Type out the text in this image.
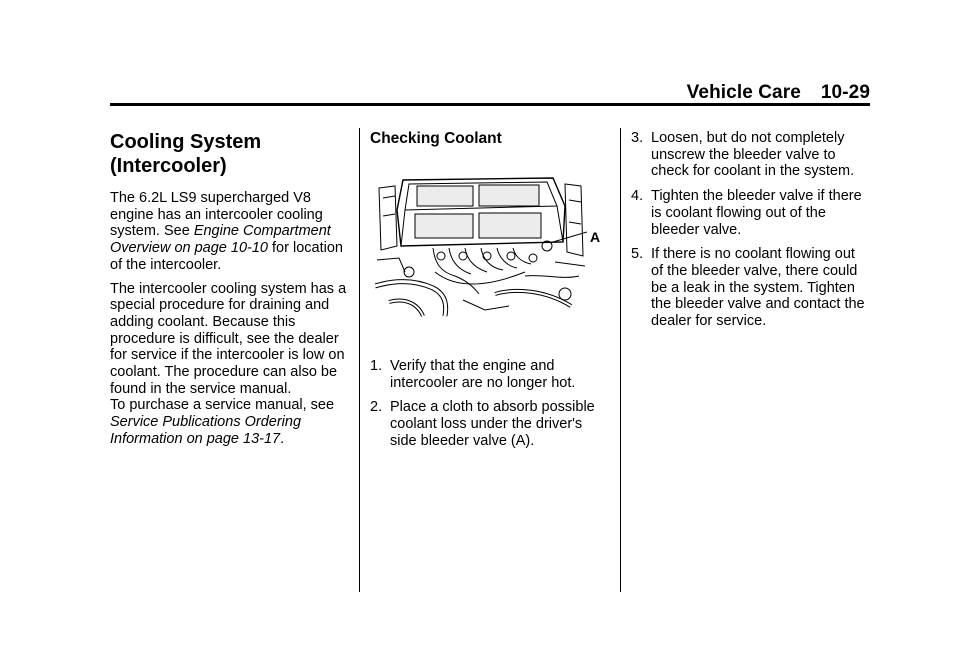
Vehicle Care 10-29
Cooling System
(Intercooler)

The 6.2L LS9 supercharged V8 engine has an intercooler cooling system. See Engine Compartment Overview on page 10-10 for location of the intercooler.

The intercooler cooling system has a special procedure for draining and adding coolant. Because this procedure is difficult, see the dealer for service if the intercooler is low on coolant. The procedure can also be found in the service manual.

To purchase a service manual, see Service Publications Ordering Information on page 13-17.

Checking Coolant
A
1. Verify that the engine and intercooler are no longer hot.
2. Place a cloth to absorb possible coolant loss under the driver's side bleeder valve (A).
3. Loosen, but do not completely unscrew the bleeder valve to check for coolant in the system.
4. Tighten the bleeder valve if there is coolant flowing out of the bleeder valve.
5. If there is no coolant flowing out of the bleeder valve, there could be a leak in the system. Tighten the bleeder valve and contact the dealer for service.
